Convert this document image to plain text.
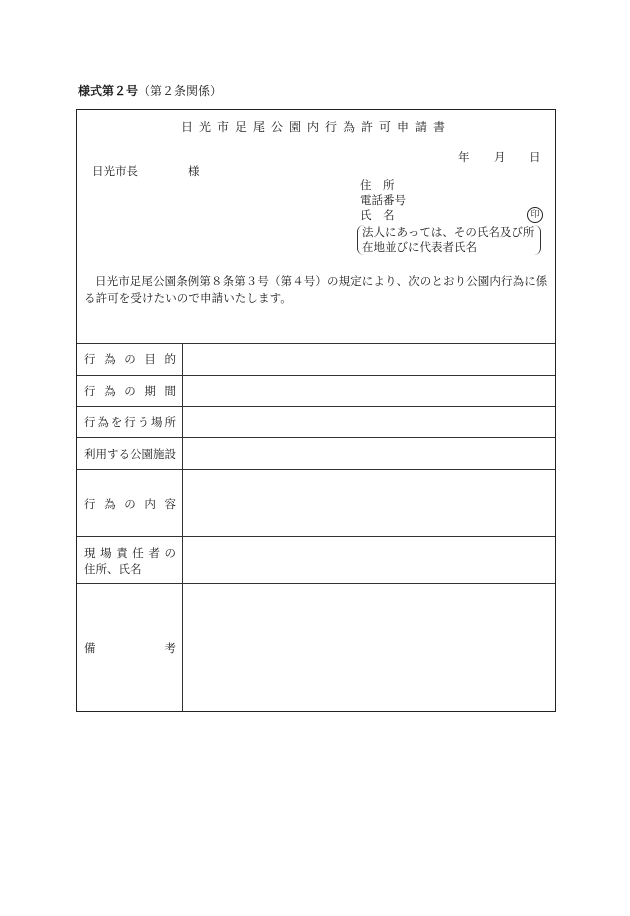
様式第２号（第２条関係）
日光市足尾公園内行為許可申請書
年 月 日
日光市長	様
住　所
電話番号
氏　名	印
法人にあっては、その氏名及び所
在地並びに代表者氏名
日光市足尾公園条例第８条第３号（第４号）の規定により、次のとおり公園内行為に係る許可を受けたいので申請いたします。
行 為 の 目 的
行 為 の 期 間
行 為 を 行 う 場 所
利用する公園施設
行 為 の 内 容
現 場 責 任 者 の
住所、氏名
備	考
